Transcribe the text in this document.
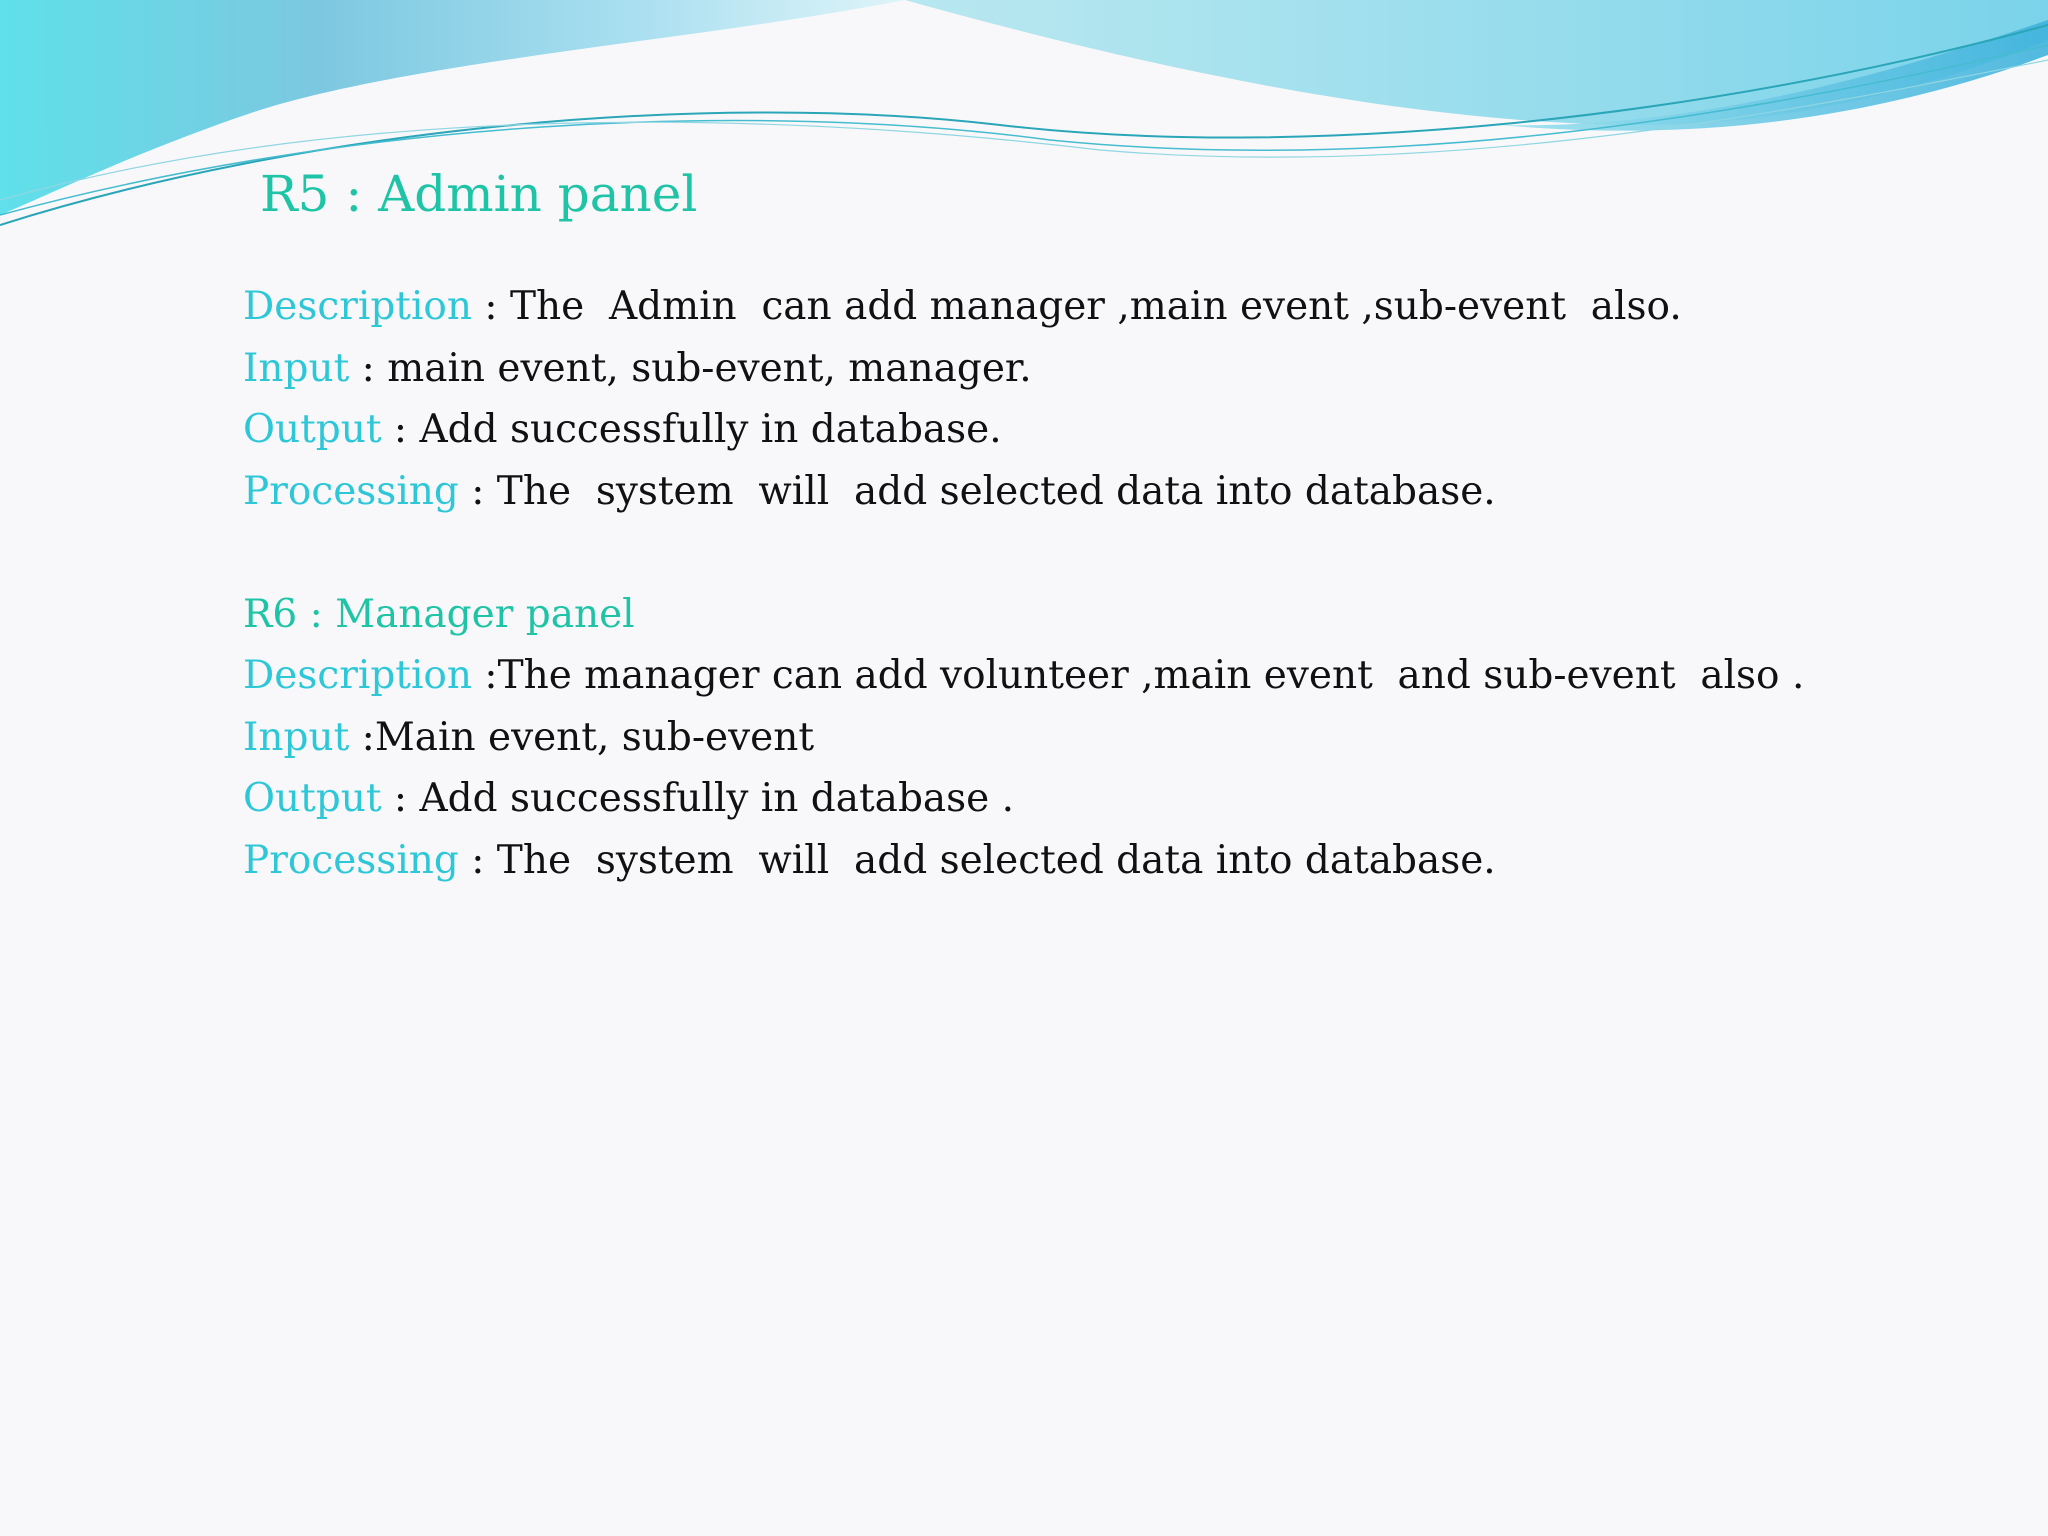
R5 : Admin panel
Description : The  Admin  can add manager ,main event ,sub-event  also.
Input : main event, sub-event, manager.
Output : Add successfully in database.
Processing : The  system  will  add selected data into database.
R6 : Manager panel
Description :The manager can add volunteer ,main event  and sub-event  also .
Input :Main event, sub-event
Output : Add successfully in database .
Processing : The  system  will  add selected data into database.
